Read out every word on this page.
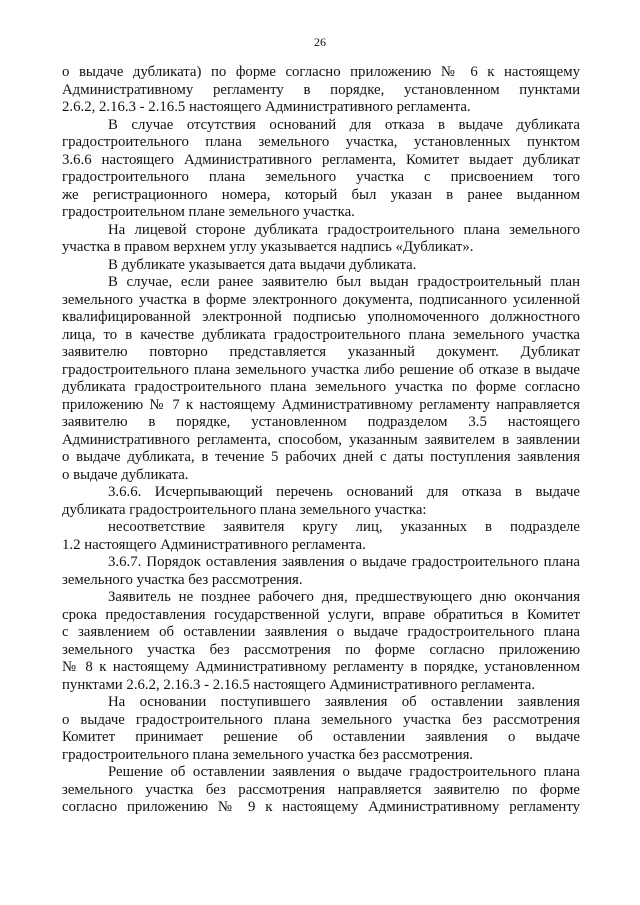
26
о выдаче дубликата) по форме согласно приложению № 6 к настоящему
Административному регламенту в порядке, установленном пунктами
2.6.2, 2.16.3 - 2.16.5 настоящего Административного регламента.
В случае отсутствия оснований для отказа в выдаче дубликата
градостроительного плана земельного участка, установленных пунктом
3.6.6 настоящего Административного регламента, Комитет выдает дубликат
градостроительного плана земельного участка с присвоением того
же регистрационного номера, который был указан в ранее выданном
градостроительном плане земельного участка.
На лицевой стороне дубликата градостроительного плана земельного
участка в правом верхнем углу указывается надпись «Дубликат».
В дубликате указывается дата выдачи дубликата.
В случае, если ранее заявителю был выдан градостроительный план
земельного участка в форме электронного документа, подписанного усиленной
квалифицированной электронной подписью уполномоченного должностного
лица, то в качестве дубликата градостроительного плана земельного участка
заявителю повторно представляется указанный документ. Дубликат
градостроительного плана земельного участка либо решение об отказе в выдаче
дубликата градостроительного плана земельного участка по форме согласно
приложению № 7 к настоящему Административному регламенту направляется
заявителю в порядке, установленном подразделом 3.5 настоящего
Административного регламента, способом, указанным заявителем в заявлении
о выдаче дубликата, в течение 5 рабочих дней с даты поступления заявления
о выдаче дубликата.
3.6.6. Исчерпывающий перечень оснований для отказа в выдаче
дубликата градостроительного плана земельного участка:
несоответствие заявителя кругу лиц, указанных в подразделе
1.2 настоящего Административного регламента.
3.6.7. Порядок оставления заявления о выдаче градостроительного плана
земельного участка без рассмотрения.
Заявитель не позднее рабочего дня, предшествующего дню окончания
срока предоставления государственной услуги, вправе обратиться в Комитет
с заявлением об оставлении заявления о выдаче градостроительного плана
земельного участка без рассмотрения по форме согласно приложению
№ 8 к настоящему Административному регламенту в порядке, установленном
пунктами 2.6.2, 2.16.3 - 2.16.5 настоящего Административного регламента.
На основании поступившего заявления об оставлении заявления
о выдаче градостроительного плана земельного участка без рассмотрения
Комитет принимает решение об оставлении заявления о выдаче
градостроительного плана земельного участка без рассмотрения.
Решение об оставлении заявления о выдаче градостроительного плана
земельного участка без рассмотрения направляется заявителю по форме
согласно приложению № 9 к настоящему Административному регламенту
